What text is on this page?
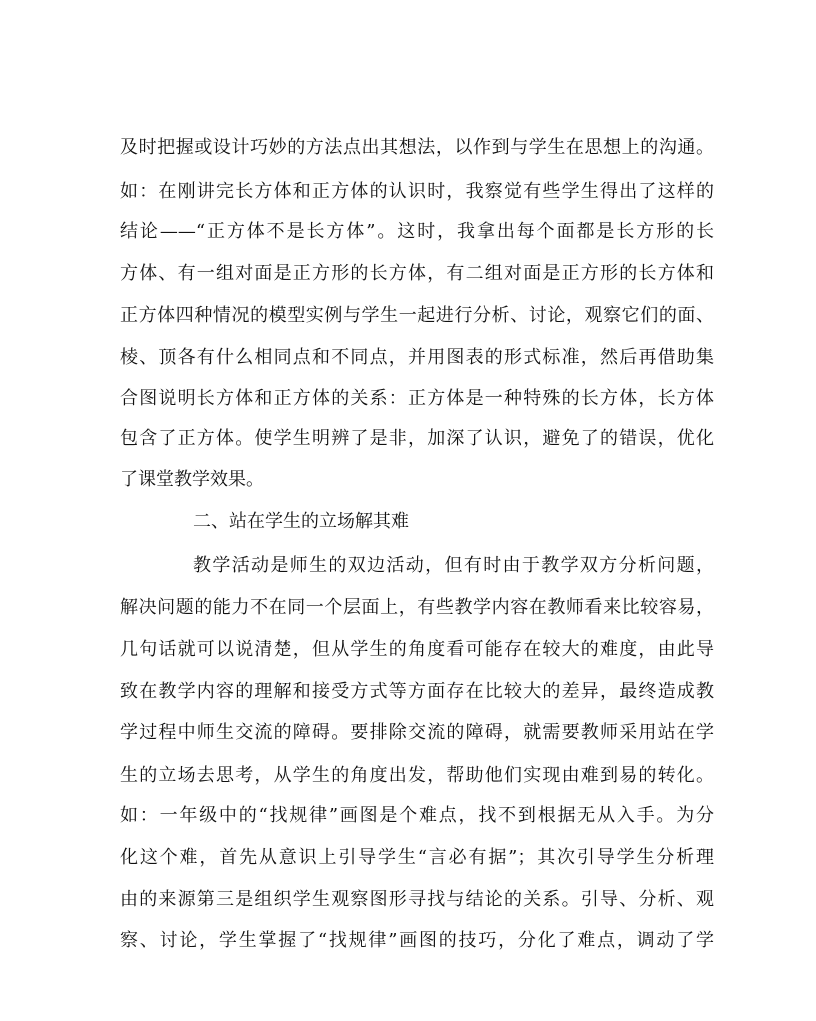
及时把握或设计巧妙的方法点出其想法，以作到与学生在思想上的沟通。
如：在刚讲完长方体和正方体的认识时，我察觉有些学生得出了这样的
结论——“正方体不是长方体”。这时，我拿出每个面都是长方形的长
方体、有一组对面是正方形的长方体，有二组对面是正方形的长方体和
正方体四种情况的模型实例与学生一起进行分析、讨论，观察它们的面、
棱、顶各有什么相同点和不同点，并用图表的形式标准，然后再借助集
合图说明长方体和正方体的关系：正方体是一种特殊的长方体，长方体
包含了正方体。使学生明辨了是非，加深了认识，避免了的错误，优化
了课堂教学效果。
二、站在学生的立场解其难
教学活动是师生的双边活动，但有时由于教学双方分析问题，
解决问题的能力不在同一个层面上，有些教学内容在教师看来比较容易，
几句话就可以说清楚，但从学生的角度看可能存在较大的难度，由此导
致在教学内容的理解和接受方式等方面存在比较大的差异，最终造成教
学过程中师生交流的障碍。要排除交流的障碍，就需要教师采用站在学
生的立场去思考，从学生的角度出发，帮助他们实现由难到易的转化。
如：一年级中的“找规律”画图是个难点，找不到根据无从入手。为分
化这个难，首先从意识上引导学生“言必有据”；其次引导学生分析理
由的来源第三是组织学生观察图形寻找与结论的关系。引导、分析、观
察、讨论，学生掌握了“找规律”画图的技巧，分化了难点，调动了学
